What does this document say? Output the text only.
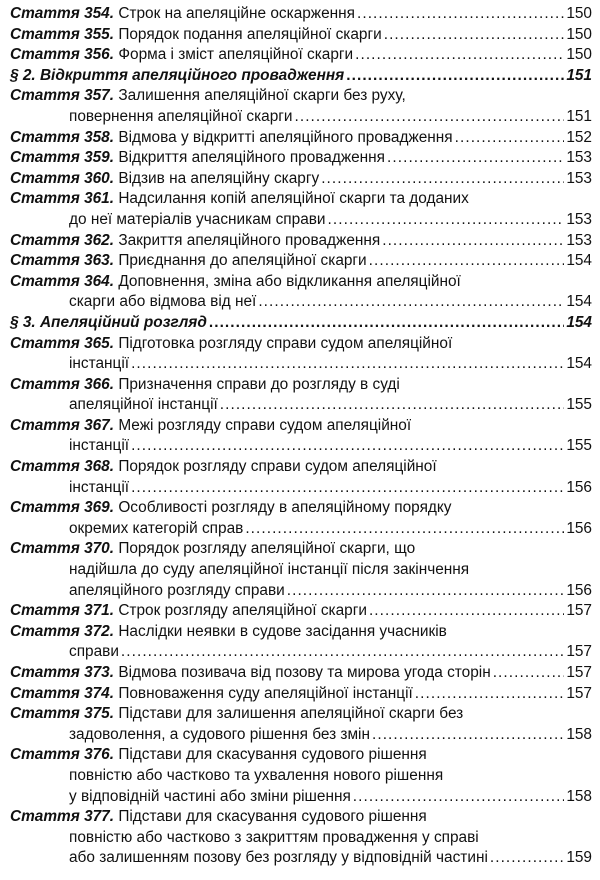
Стаття 354.
Строк на апеляційне оскарження . . .	150
Стаття 355.
Порядок подання апеляційної скарги . . .	150
Стаття 356.
Форма і зміст апеляційної скарги . . .	150
§ 2. Відкриття апеляційного провадження . . .	151
Стаття 357.
Залишення апеляційної скарги без руху,
повернення апеляційної скарги . . .	151
Стаття 358.
Відмова у відкритті апеляційного провадження . . .	152
Стаття 359.
Відкриття апеляційного провадження . . .	153
Стаття 360.
Відзив на апеляційну скаргу . . .	153
Стаття 361.
Надсилання копій апеляційної скарги та доданих
до неї матеріалів учасникам справи . . .	153
Стаття 362.
Закриття апеляційного провадження . . .	153
Стаття 363.
Приєднання до апеляційної скарги . . .	154
Стаття 364.
Доповнення, зміна або відкликання апеляційної
скарги або відмова від неї . . .	154
§ 3. Апеляційний розгляд . . .	154
Стаття 365.
Підготовка розгляду справи судом апеляційної
інстанції . . .	154
Стаття 366.
Призначення справи до розгляду в суді
апеляційної інстанції . . .	155
Стаття 367.
Межі розгляду справи судом апеляційної
інстанції . . .	155
Стаття 368.
Порядок розгляду справи судом апеляційної
інстанції . . .	156
Стаття 369.
Особливості розгляду в апеляційному порядку
окремих категорій справ . . .	156
Стаття 370.
Порядок розгляду апеляційної скарги, що
надійшла до суду апеляційної інстанції після закінчення
апеляційного розгляду справи . . .	156
Стаття 371.
Строк розгляду апеляційної скарги . . .	157
Стаття 372.
Наслідки неявки в судове засідання учасників
справи . . .	157
Стаття 373.
Відмова позивача від позову та мирова угода сторін . . .	157
Стаття 374.
Повноваження суду апеляційної інстанції . . .	157
Стаття 375.
Підстави для залишення апеляційної скарги без
задоволення, а судового рішення без змін . . .	158
Стаття 376.
Підстави для скасування судового рішення
повністю або частково та ухвалення нового рішення
у відповідній частині або зміни рішення . . .	158
Стаття 377.
Підстави для скасування судового рішення
повністю або частково з закриттям провадження у справі
або залишенням позову без розгляду у відповідній частині . . .	159
